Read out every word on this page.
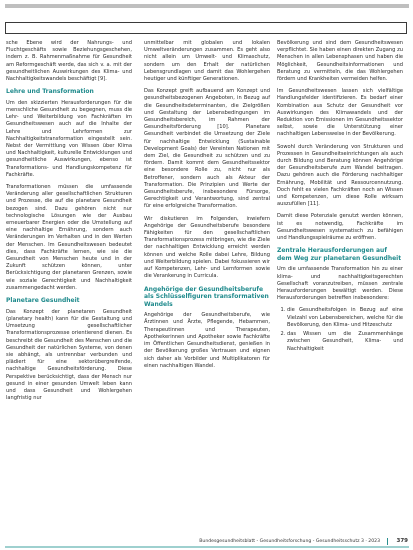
sche Ebene wird der Nahrungs- und Fluchtgeschäfts sowie Beziehungsgeschehen, indem z. B. Rahmenmaßnahme für Gesundheit am Reformgeschäft werde, das sich v. a. mit der gesundheitlichen Auswirkungen des Klima- und Nachhaltigkeitswandels beschäftigt [9].

Lehre und Transformation

Um den skizzierten Herausforderungen für die menschliche Gesundheit zu begegnen, muss die Lehr- und Weiterbildung von Fachkräften im Gesundheitswesen auch auf die Inhalte der Lehre und Lehrformen zur Nachhaltigkeitstransformation eingestellt sein. Nebst der Vermittlung von Wissen über Klima und Nachhaltigkeit, kulturelle Entwicklungen und gesundheitliche Auswirkungen, ebenso ist Transformations- und Handlungskompetenz für Fachkräfte.

Transformationen müssen die umfassende Veränderung aller gesellschaftlichen Strukturen und Prozesse, die auf die planetare Gesundheit bezogen sind. Dazu gehören nicht nur technologische Lösungen wie der Ausbau erneuerbarer Energien oder die Umstellung auf eine nachhaltige Ernährung, sondern auch Veränderungen im Verhalten und in den Werten der Menschen. Im Gesundheitswesen bedeutet dies, dass Fachkräfte lernen, wie sie die Gesundheit von Menschen heute und in der Zukunft schützen können, unter Berücksichtigung der planetaren Grenzen, sowie wie soziale Gerechtigkeit und Nachhaltigkeit zusammengedacht werden.

Planetare Gesundheit

Das Konzept der planetaren Gesundheit (planetary health) kann für die Gestaltung und Umsetzung gesellschaftlicher Transformationsprozesse orientierend dienen. Es beschreibt die Gesundheit des Menschen und die Gesundheit der natürlichen Systeme, von denen sie abhängt, als untrennbar verbunden und plädiert für eine sektorübergreifende, nachhaltige Gesundheitsförderung. Diese Perspektive berücksichtigt, dass der Mensch nur gesund in einer gesunden Umwelt leben kann und dass Gesundheit und Wohlergehen langfristig nur

unmittelbar mit globalen und lokalen Umweltveränderungen zusammen. Es geht also nicht allein um Umwelt- und Klimaschutz, sondern um den Erhalt der natürlichen Lebensgrundlagen und damit das Wohlergehen heutiger und künftiger Generationen.

Das Konzept greift aufbauend am Konzept und gesundheitsbezogenen Angeboten, in Bezug auf die Gesundheitsdeterminanten, die Zielgrößen und Gestaltung der Lebensbedingungen im Gesundheitsbereich, im Rahmen der Gesundheitsförderung [10]. Planetare Gesundheit verbindet die Umsetzung der Ziele für nachhaltige Entwicklung (Sustainable Development Goals) der Vereinten Nationen mit dem Ziel, die Gesundheit zu schützen und zu fördern. Damit kommt dem Gesundheitssektor eine besondere Rolle zu, nicht nur als Betroffener, sondern auch als Akteur der Transformation. Die Prinzipien und Werte der Gesundheitsberufe, insbesondere Fürsorge, Gerechtigkeit und Verantwortung, sind zentral für eine erfolgreiche Transformation.

Wir diskutieren im Folgenden, inwiefern Angehörige der Gesundheitsberufe besondere Fähigkeiten für den gesellschaftlichen Transformationsprozess mitbringen, wie die Ziele der nachhaltigen Entwicklung erreicht werden können und welche Rolle dabei Lehre, Bildung und Weiterbildung spielen. Dabei fokussieren wir auf Kompetenzen, Lehr- und Lernformen sowie die Verankerung in Curricula.

Angehörige der Gesundheitsberufe als Schlüsselfiguren transformativen Wandels

Angehörige der Gesundheitsberufe, wie Ärztinnen und Ärzte, Pflegende, Hebammen, Therapeutinnen und Therapeuten, Apothekerinnen und Apotheker sowie Fachkräfte im Öffentlichen Gesundheitsdienst, genießen in der Bevölkerung großes Vertrauen und eignen sich daher als Vorbilder und Multiplikatoren für einen nachhaltigen Wandel.

Bevölkerung und sind dem Gesundheitswesen verpflichtet. Sie haben einen direkten Zugang zu Menschen in allen Lebensphasen und haben die Möglichkeit, Gesundheitsinformationen und Beratung zu vermitteln, die das Wohlergehen fördern und Krankheiten vermeiden helfen.

Im Gesundheitswesen lassen sich vielfältige Handlungsfelder identifizieren. Es bedarf einer Kombination aus Schutz der Gesundheit vor Auswirkungen des Klimawandels und der Reduktion von Emissionen im Gesundheitssektor selbst, sowie die Unterstützung einer nachhaltigen Lebensweise in der Bevölkerung.

Sowohl durch Veränderung von Strukturen und Prozessen in Gesundheitseinrichtungen als auch durch Bildung und Beratung können Angehörige der Gesundheitsberufe zum Wandel beitragen. Dazu gehören auch die Förderung nachhaltiger Ernährung, Mobilität und Ressourcennutzung. Doch fehlt es vielen Fachkräften noch an Wissen und Kompetenzen, um diese Rolle wirksam auszufüllen [11].

Damit diese Potenziale genutzt werden können, ist es notwendig, Fachkräfte im Gesundheitswesen systematisch zu befähigen und Handlungsspielräume zu eröffnen.

Zentrale Herausforderungen auf dem Weg zur planetaren Gesundheit

Um die umfassende Transformation hin zu einer klima- und nachhaltigkeitsgerechten Gesellschaft voranzutreiben, müssen zentrale Herausforderungen bewältigt werden. Diese Herausforderungen betreffen insbesondere:

1. die Gesundheitsfolgen in Bezug auf eine Vielzahl von Lebensbereichen, welche für die Bevölkerung, den Klima- und Hitzeschutz
2. das Wissen um die Zusammenhänge zwischen Gesundheit, Klima- und Nachhaltigkeit
Bundesgesundheitsblatt - Gesundheitsforschung - Gesundheitsschutz 3 · 2023	379
